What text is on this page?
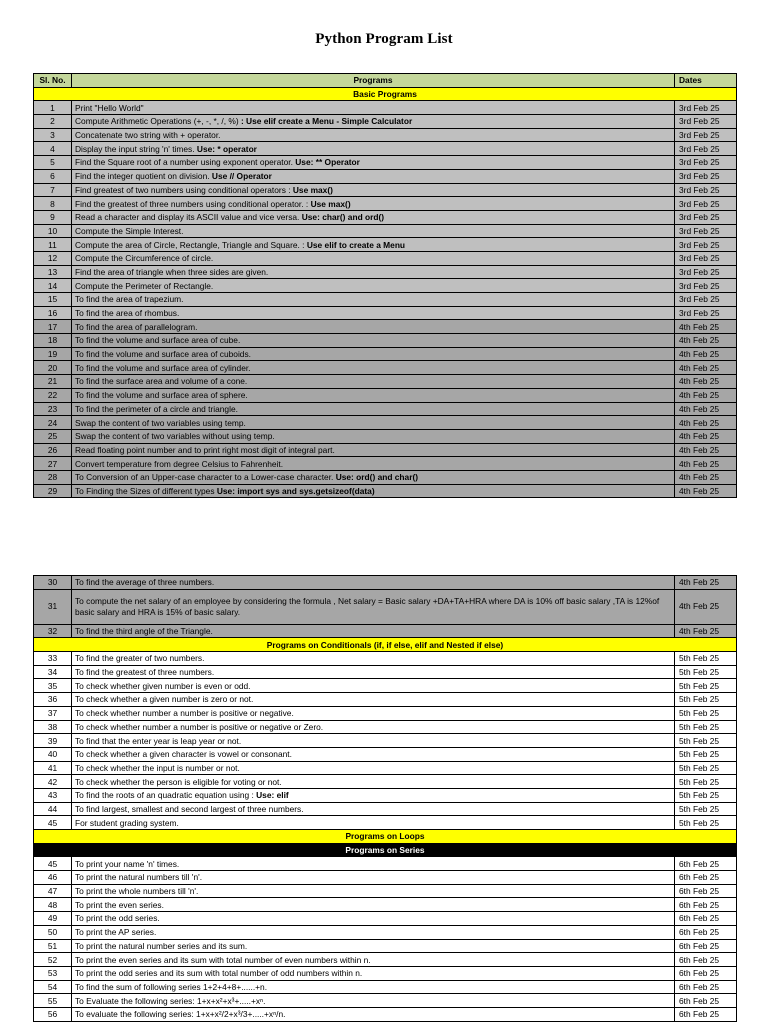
Python Program List
Sl. No.	Programs	Dates
Basic Programs		
1	Print "Hello World"	3rd Feb 25
2	Compute Arithmetic Operations (+, -, *, /, %) : Use elif create a Menu - Simple Calculator	3rd Feb 25
3	Concatenate two string with + operator.	3rd Feb 25
4	Display the input string 'n' times. Use: * operator	3rd Feb 25
5	Find the Square root of a number using exponent operator. Use: ** Operator	3rd Feb 25
6	Find the integer quotient on division. Use // Operator	3rd Feb 25
7	Find greatest of two numbers using conditional operators : Use max()	3rd Feb 25
8	Find the greatest of three numbers using conditional operator. : Use max()	3rd Feb 25
9	Read a character and display its ASCII value and vice versa. Use: char() and ord()	3rd Feb 25
10	Compute the Simple Interest.	3rd Feb 25
11	Compute the area of Circle, Rectangle, Triangle and Square. : Use elif to create a Menu	3rd Feb 25
12	Compute the Circumference of circle.	3rd Feb 25
13	Find the area of triangle when three sides are given.	3rd Feb 25
14	Compute the Perimeter of Rectangle.	3rd Feb 25
15	To find the area of trapezium.	3rd Feb 25
16	To find the area of rhombus.	3rd Feb 25
17	To find the area of parallelogram.	4th Feb 25
18	To find the volume and surface area of cube.	4th Feb 25
19	To find the volume and surface area of cuboids.	4th Feb 25
20	To find the volume and surface area of cylinder.	4th Feb 25
21	To find the surface area and volume of a cone.	4th Feb 25
22	To find the volume and surface area of sphere.	4th Feb 25
23	To find the perimeter of a circle and triangle.	4th Feb 25
24	Swap the content of two variables using temp.	4th Feb 25
25	Swap the content of two variables without using temp.	4th Feb 25
26	Read floating point number and to print right most digit of integral part.	4th Feb 25
27	Convert temperature from degree Celsius to Fahrenheit.	4th Feb 25
28	To Conversion of an Upper-case character to a Lower-case character. Use: ord() and char()	4th Feb 25
29	To Finding the Sizes of different types Use: import sys and sys.getsizeof(data)	4th Feb 25
30	To find the average of three numbers.	4th Feb 25
31	To compute the net salary of an employee by considering the formula , Net salary = Basic salary +DA+TA+HRA where DA is 10% off basic salary ,TA is 12%of basic salary and HRA is 15% of basic salary.	4th Feb 25
32	To find the third angle of the Triangle.	4th Feb 25
Programs on Conditionals (if, if else, elif and Nested if else)		
33	To find the greater of two numbers.	5th Feb 25
34	To find the greatest of three numbers.	5th Feb 25
35	To check whether given number is even or odd.	5th Feb 25
36	To check whether a given number is zero or not.	5th Feb 25
37	To check whether number a number is positive or negative.	5th Feb 25
38	To check whether number a number is positive or negative or Zero.	5th Feb 25
39	To find that the enter year is leap year or not.	5th Feb 25
40	To check whether a given character is vowel or consonant.	5th Feb 25
41	To check whether the input is number or not.	5th Feb 25
42	To check whether the person is eligible for voting or not.	5th Feb 25
43	To find the roots of an quadratic equation using : Use: elif	5th Feb 25
44	To find largest, smallest and second largest of three numbers.	5th Feb 25
45	For student grading system.	5th Feb 25
Programs on Loops		
Programs on Series		
45	To print your name 'n' times.	6th Feb 25
46	To print the natural numbers till 'n'.	6th Feb 25
47	To print the whole numbers till 'n'.	6th Feb 25
48	To print the even series.	6th Feb 25
49	To print the odd series.	6th Feb 25
50	To print the AP series.	6th Feb 25
51	To print the natural number series and its sum.	6th Feb 25
52	To print the even series and its sum with total number of even numbers within n.	6th Feb 25
53	To print the odd series and its sum with total number of odd numbers within n.	6th Feb 25
54	To find the sum of following series 1+2+4+8+......+n.	6th Feb 25
55	To Evaluate the following series: 1+x+x²+x³+.....+xⁿ.	6th Feb 25
56	To evaluate the following series: 1+x+x²/2+x³/3+.....+xⁿ/n.	6th Feb 25
